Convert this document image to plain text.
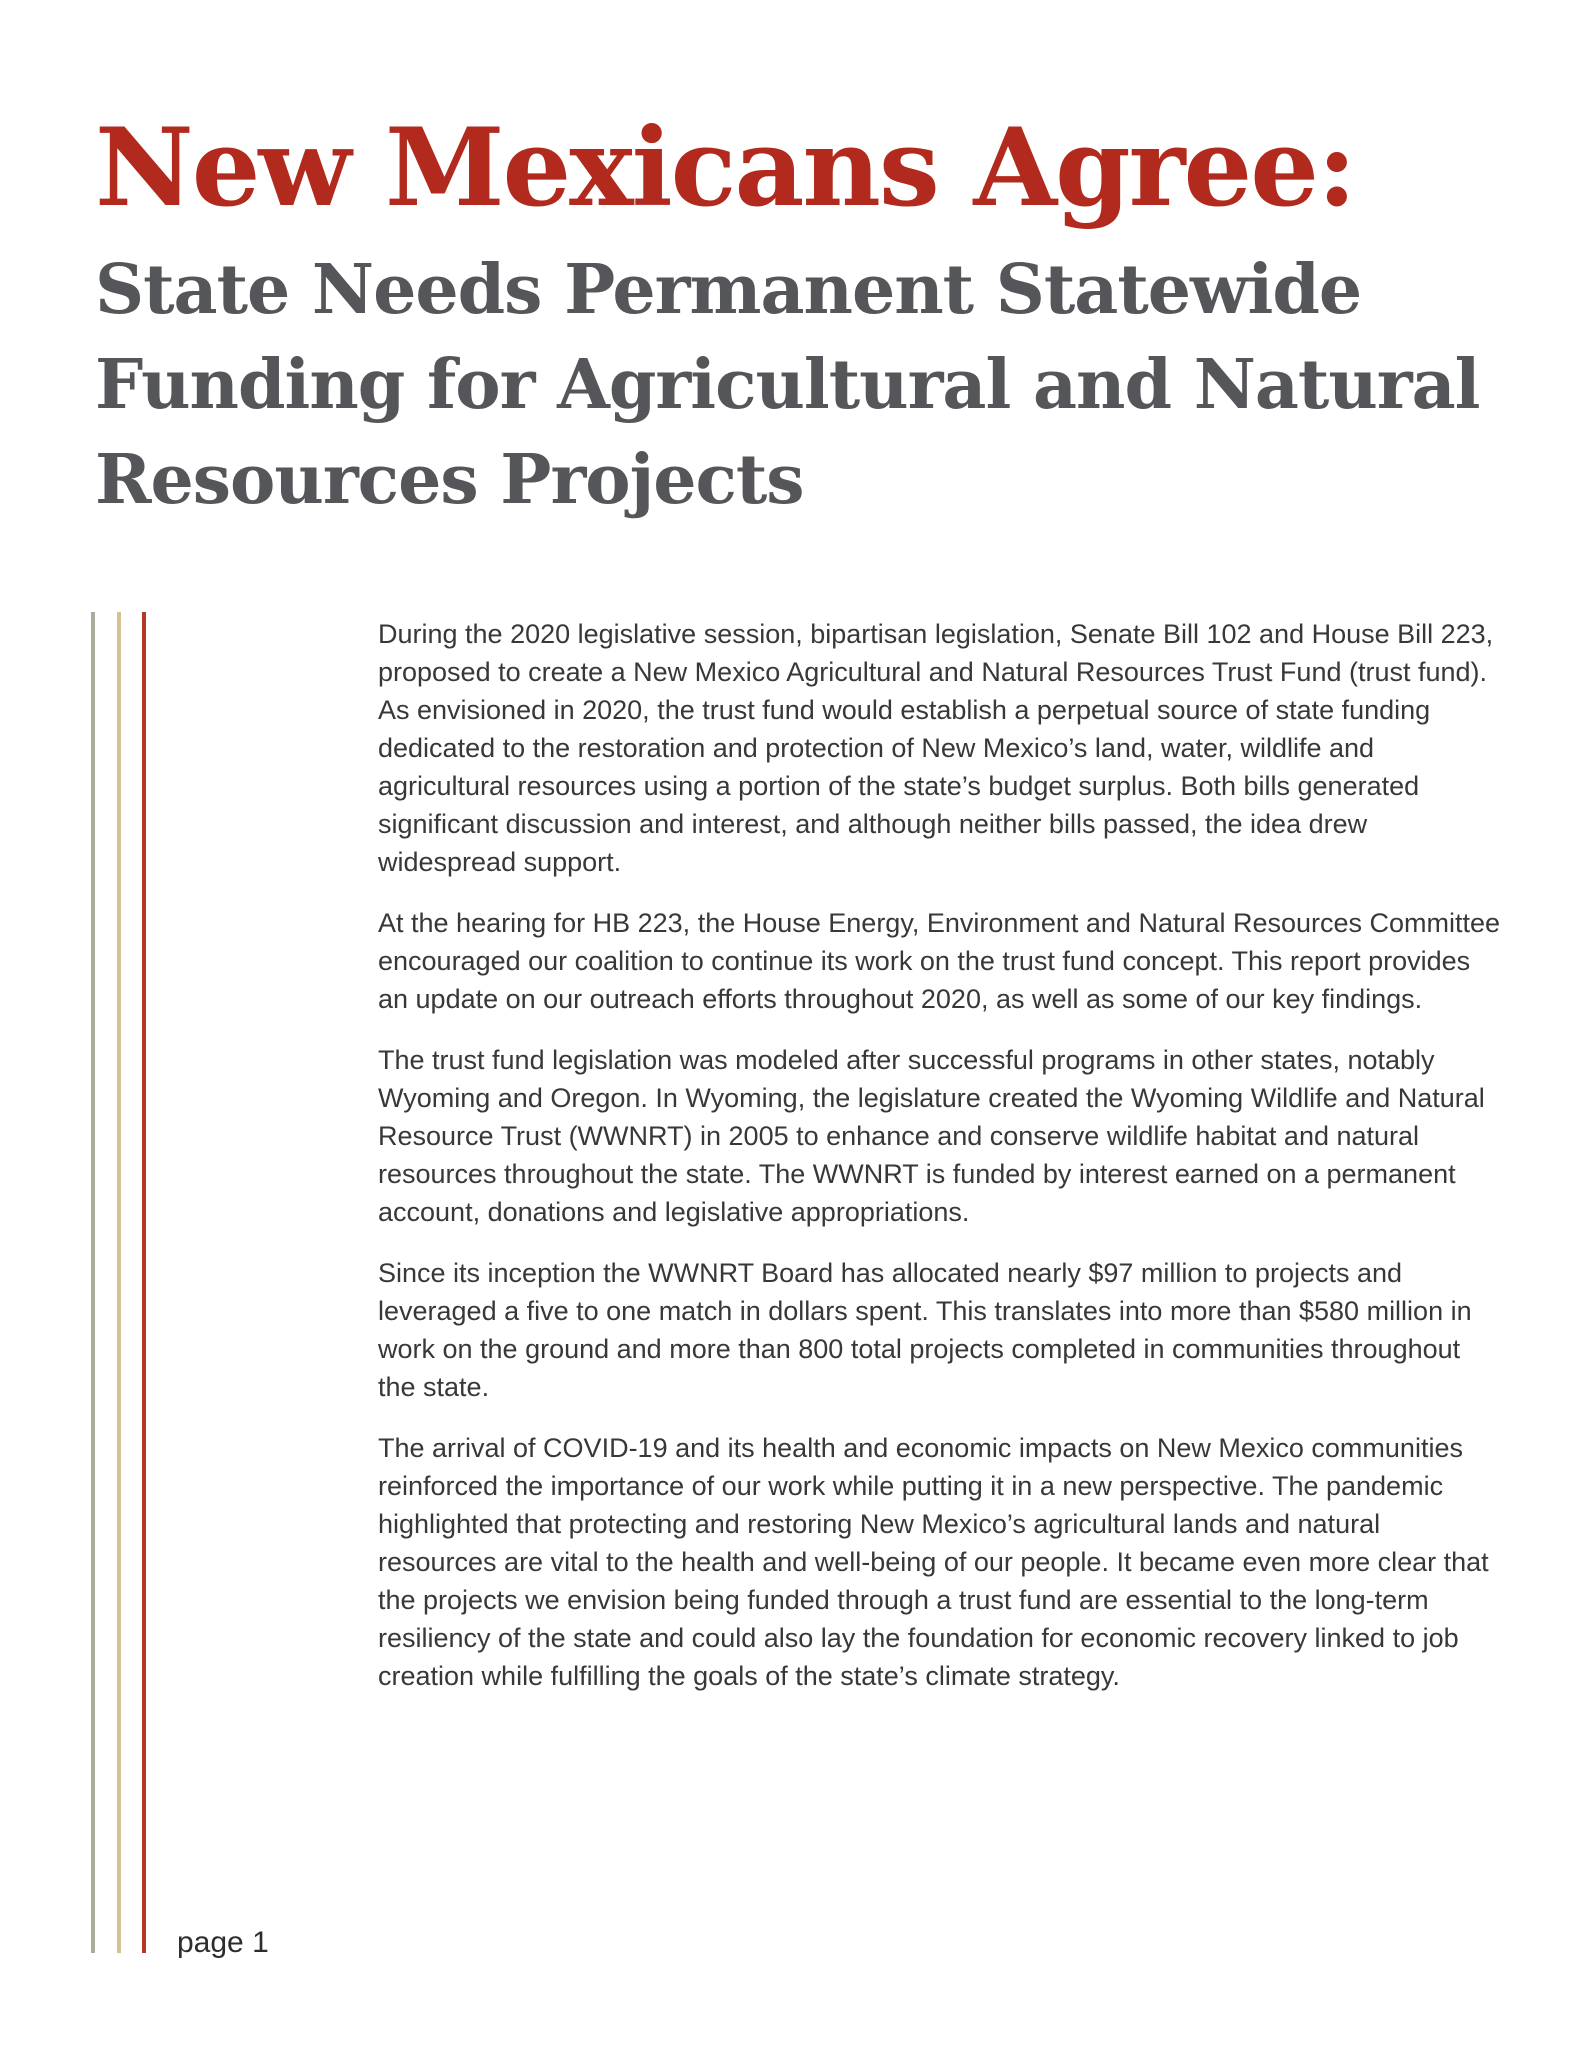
New Mexicans Agree:
State Needs Permanent Statewide
Funding for Agricultural and Natural
Resources Projects

During the 2020 legislative session, bipartisan legislation, Senate Bill 102 and House Bill 223, proposed to create a New Mexico Agricultural and Natural Resources Trust Fund (trust fund). As envisioned in 2020, the trust fund would establish a perpetual source of state funding dedicated to the restoration and protection of New Mexico’s land, water, wildlife and agricultural resources using a portion of the state’s budget surplus. Both bills generated significant discussion and interest, and although neither bills passed, the idea drew widespread support.

At the hearing for HB 223, the House Energy, Environment and Natural Resources Committee encouraged our coalition to continue its work on the trust fund concept. This report provides an update on our outreach efforts throughout 2020, as well as some of our key findings.

The trust fund legislation was modeled after successful programs in other states, notably Wyoming and Oregon. In Wyoming, the legislature created the Wyoming Wildlife and Natural Resource Trust (WWNRT) in 2005 to enhance and conserve wildlife habitat and natural resources throughout the state. The WWNRT is funded by interest earned on a permanent account, donations and legislative appropriations.

Since its inception the WWNRT Board has allocated nearly $97 million to projects and leveraged a five to one match in dollars spent. This translates into more than $580 million in work on the ground and more than 800 total projects completed in communities throughout the state.

The arrival of COVID-19 and its health and economic impacts on New Mexico communities reinforced the importance of our work while putting it in a new perspective. The pandemic highlighted that protecting and restoring New Mexico’s agricultural lands and natural resources are vital to the health and well-being of our people. It became even more clear that the projects we envision being funded through a trust fund are essential to the long-term resiliency of the state and could also lay the foundation for economic recovery linked to job creation while fulfilling the goals of the state’s climate strategy.

page 1
